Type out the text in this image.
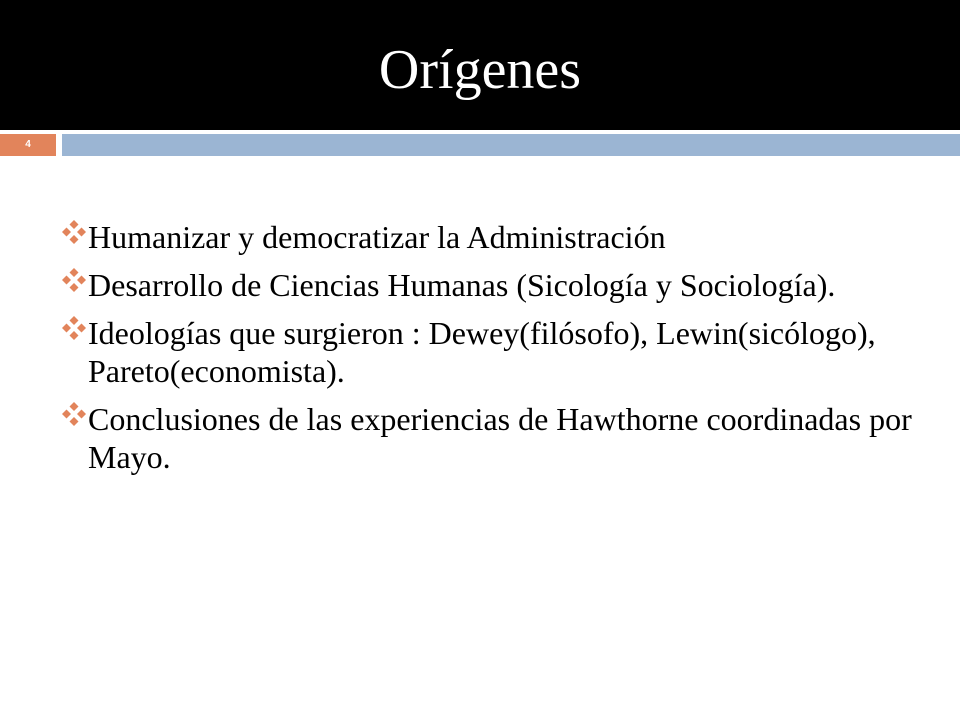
Orígenes
4
Humanizar y democratizar la Administración
Desarrollo de Ciencias Humanas (Sicología y Sociología).
Ideologías que surgieron : Dewey(filósofo), Lewin(sicólogo), Pareto(economista).
Conclusiones de las experiencias de Hawthorne coordinadas por Mayo.
